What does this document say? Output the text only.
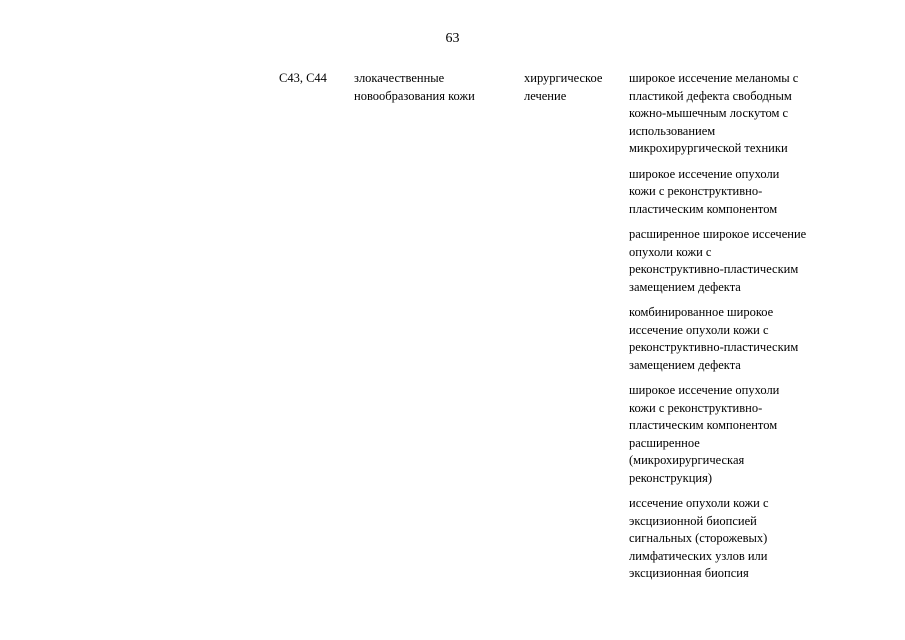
63
C43, C44	злокачественные
новообразования кожи
хирургическое
лечение
широкое иссечение меланомы с
пластикой дефекта свободным
кожно-мышечным лоскутом с
использованием
микрохирургической техники
широкое иссечение опухоли
кожи с реконструктивно-
пластическим компонентом
расширенное широкое иссечение
опухоли кожи с
реконструктивно-пластическим
замещением дефекта
комбинированное широкое
иссечение опухоли кожи с
реконструктивно-пластическим
замещением дефекта
широкое иссечение опухоли
кожи с реконструктивно-
пластическим компонентом
расширенное
(микрохирургическая
реконструкция)
иссечение опухоли кожи с
эксцизионной биопсией
сигнальных (сторожевых)
лимфатических узлов или
эксцизионная биопсия
